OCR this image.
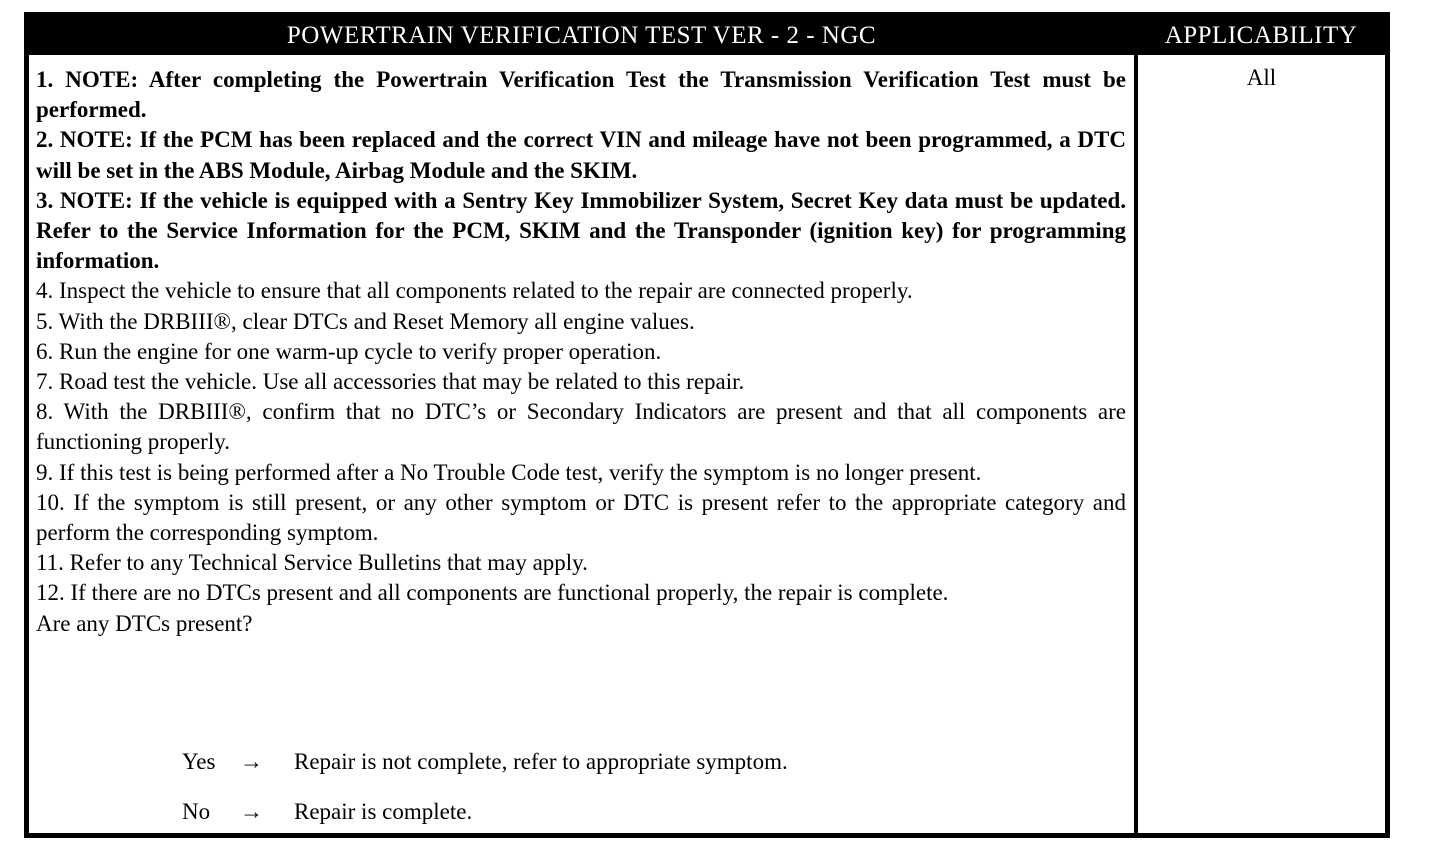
POWERTRAIN VERIFICATION TEST VER - 2 - NGC	APPLICABILITY

1. NOTE: After completing the Powertrain Verification Test the Transmission Verification Test must be performed.

2. NOTE: If the PCM has been replaced and the correct VIN and mileage have not been programmed, a DTC will be set in the ABS Module, Airbag Module and the SKIM.

3. NOTE: If the vehicle is equipped with a Sentry Key Immobilizer System, Secret Key data must be updated. Refer to the Service Information for the PCM, SKIM and the Transponder (ignition key) for programming information.

4. Inspect the vehicle to ensure that all components related to the repair are connected properly.

5. With the DRBIII®, clear DTCs and Reset Memory all engine values.

6. Run the engine for one warm-up cycle to verify proper operation.

7. Road test the vehicle. Use all accessories that may be related to this repair.

8. With the DRBIII®, confirm that no DTC’s or Secondary Indicators are present and that all components are functioning properly.

9. If this test is being performed after a No Trouble Code test, verify the symptom is no longer present.

10. If the symptom is still present, or any other symptom or DTC is present refer to the appropriate category and perform the corresponding symptom.

11. Refer to any Technical Service Bulletins that may apply.

12. If there are no DTCs present and all components are functional properly, the repair is complete.

Are any DTCs present?

Yes → Repair is not complete, refer to appropriate symptom.
No → Repair is complete.
All
